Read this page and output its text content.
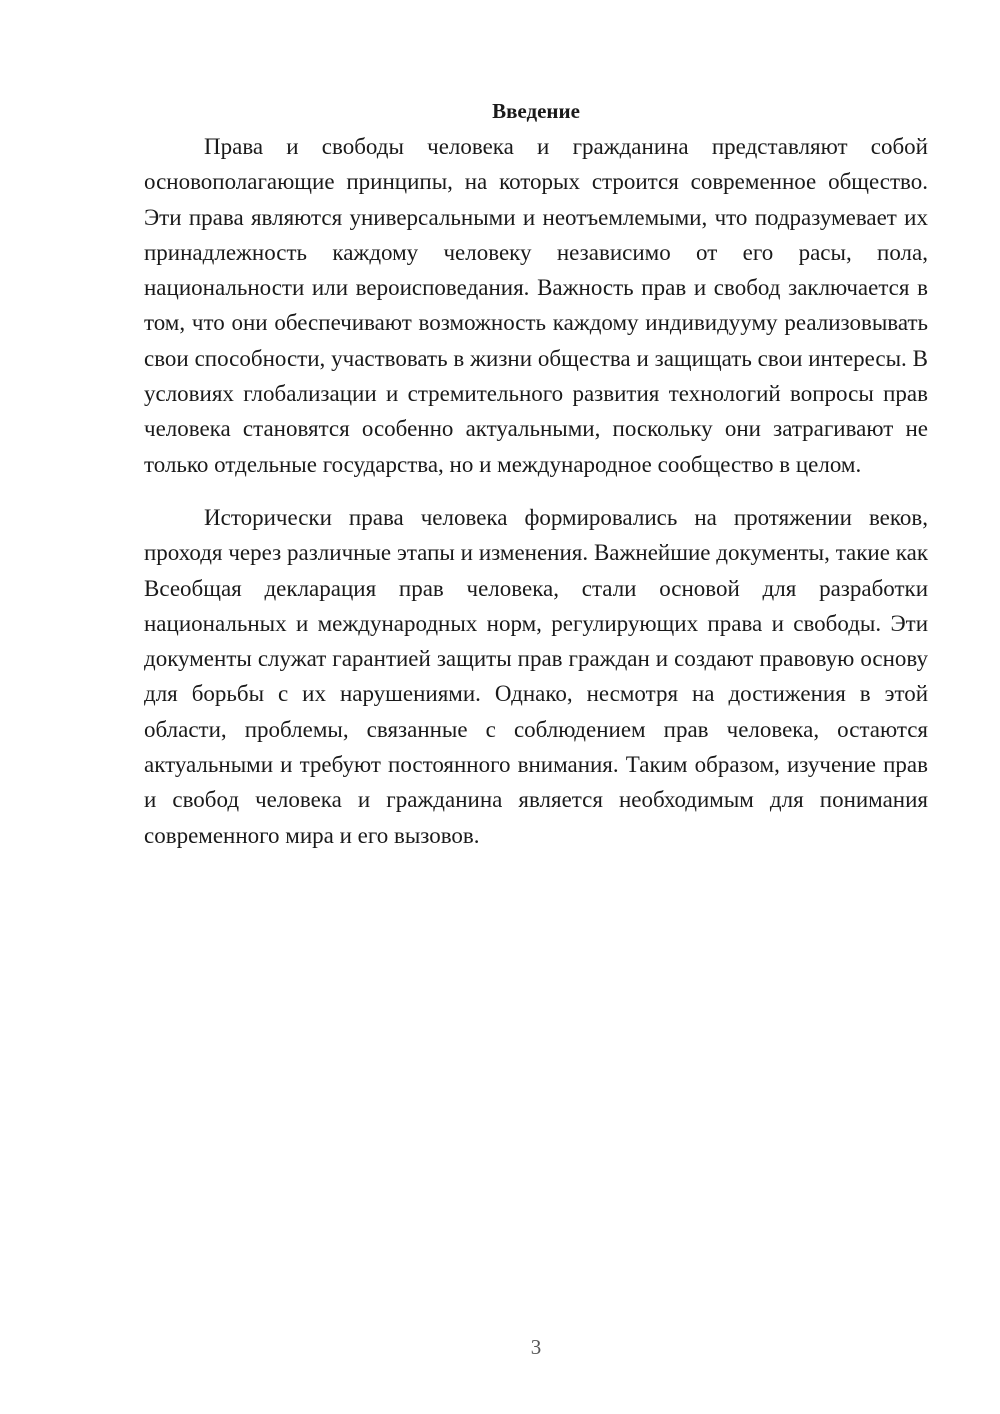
Введение

Права и свободы человека и гражданина представляют собой основополагающие принципы, на которых строится современное общество. Эти права являются универсальными и неотъемлемыми, что подразумевает их принадлежность каждому человеку независимо от его расы, пола, национальности или вероисповедания. Важность прав и свобод заключается в том, что они обеспечивают возможность каждому индивидууму реализовывать свои способности, участвовать в жизни общества и защищать свои интересы. В условиях глобализации и стремительного развития технологий вопросы прав человека становятся особенно актуальными, поскольку они затрагивают не только отдельные государства, но и международное сообщество в целом.

Исторически права человека формировались на протяжении веков, проходя через различные этапы и изменения. Важнейшие документы, такие как Всеобщая декларация прав человека, стали основой для разработки национальных и международных норм, регулирующих права и свободы. Эти документы служат гарантией защиты прав граждан и создают правовую основу для борьбы с их нарушениями. Однако, несмотря на достижения в этой области, проблемы, связанные с соблюдением прав человека, остаются актуальными и требуют постоянного внимания. Таким образом, изучение прав и свобод человека и гражданина является необходимым для понимания современного мира и его вызовов.

3
